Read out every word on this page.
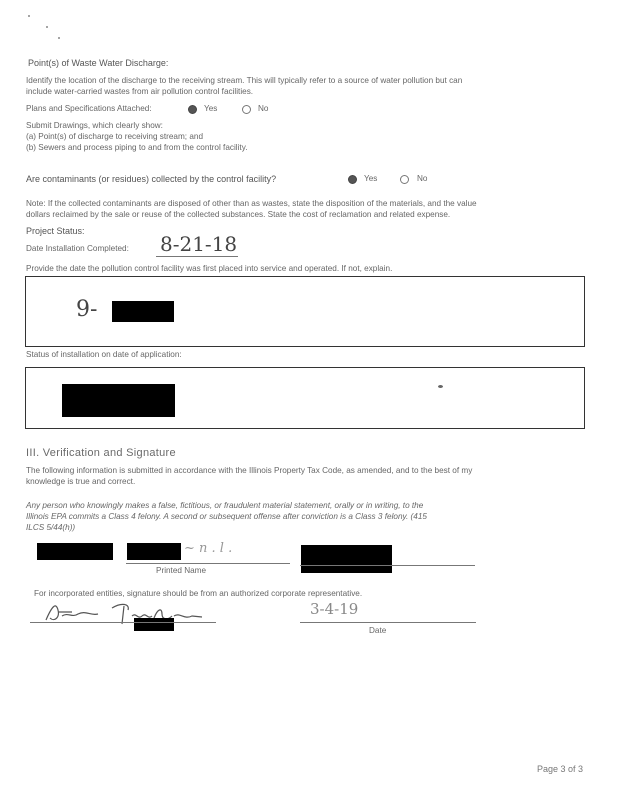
Point(s) of Waste Water Discharge:
Identify the location of the discharge to the receiving stream. This will typically refer to a source of water pollution but can
include water-carried wastes from air pollution control facilities.
Plans and Specifications Attached:	Yes	No
Submit Drawings, which clearly show:
(a) Point(s) of discharge to receiving stream; and
(b) Sewers and process piping to and from the control facility.
Are contaminants (or residues) collected by the control facility?	Yes	No
Note: If the collected contaminants are disposed of other than as wastes, state the disposition of the materials, and the value
dollars reclaimed by the sale or reuse of the collected substances. State the cost of reclamation and related expense.
Project Status:
Date Installation Completed: 8-21-18
Provide the date the pollution control facility was first placed into service and operated. If not, explain.
9-
Status of installation on date of application:
III. Verification and Signature
The following information is submitted in accordance with the Illinois Property Tax Code, as amended, and to the best of my
knowledge is true and correct.
Any person who knowingly makes a false, fictitious, or fraudulent material statement, orally or in writing, to the
Illinois EPA commits a Class 4 felony. A second or subsequent offense after conviction is a Class 3 felony. (415
ILCS 5/44(h))
~ n . l .
Printed Name
For incorporated entities, signature should be from an authorized corporate representative.
3-4-19
Date
Page 3 of 3
